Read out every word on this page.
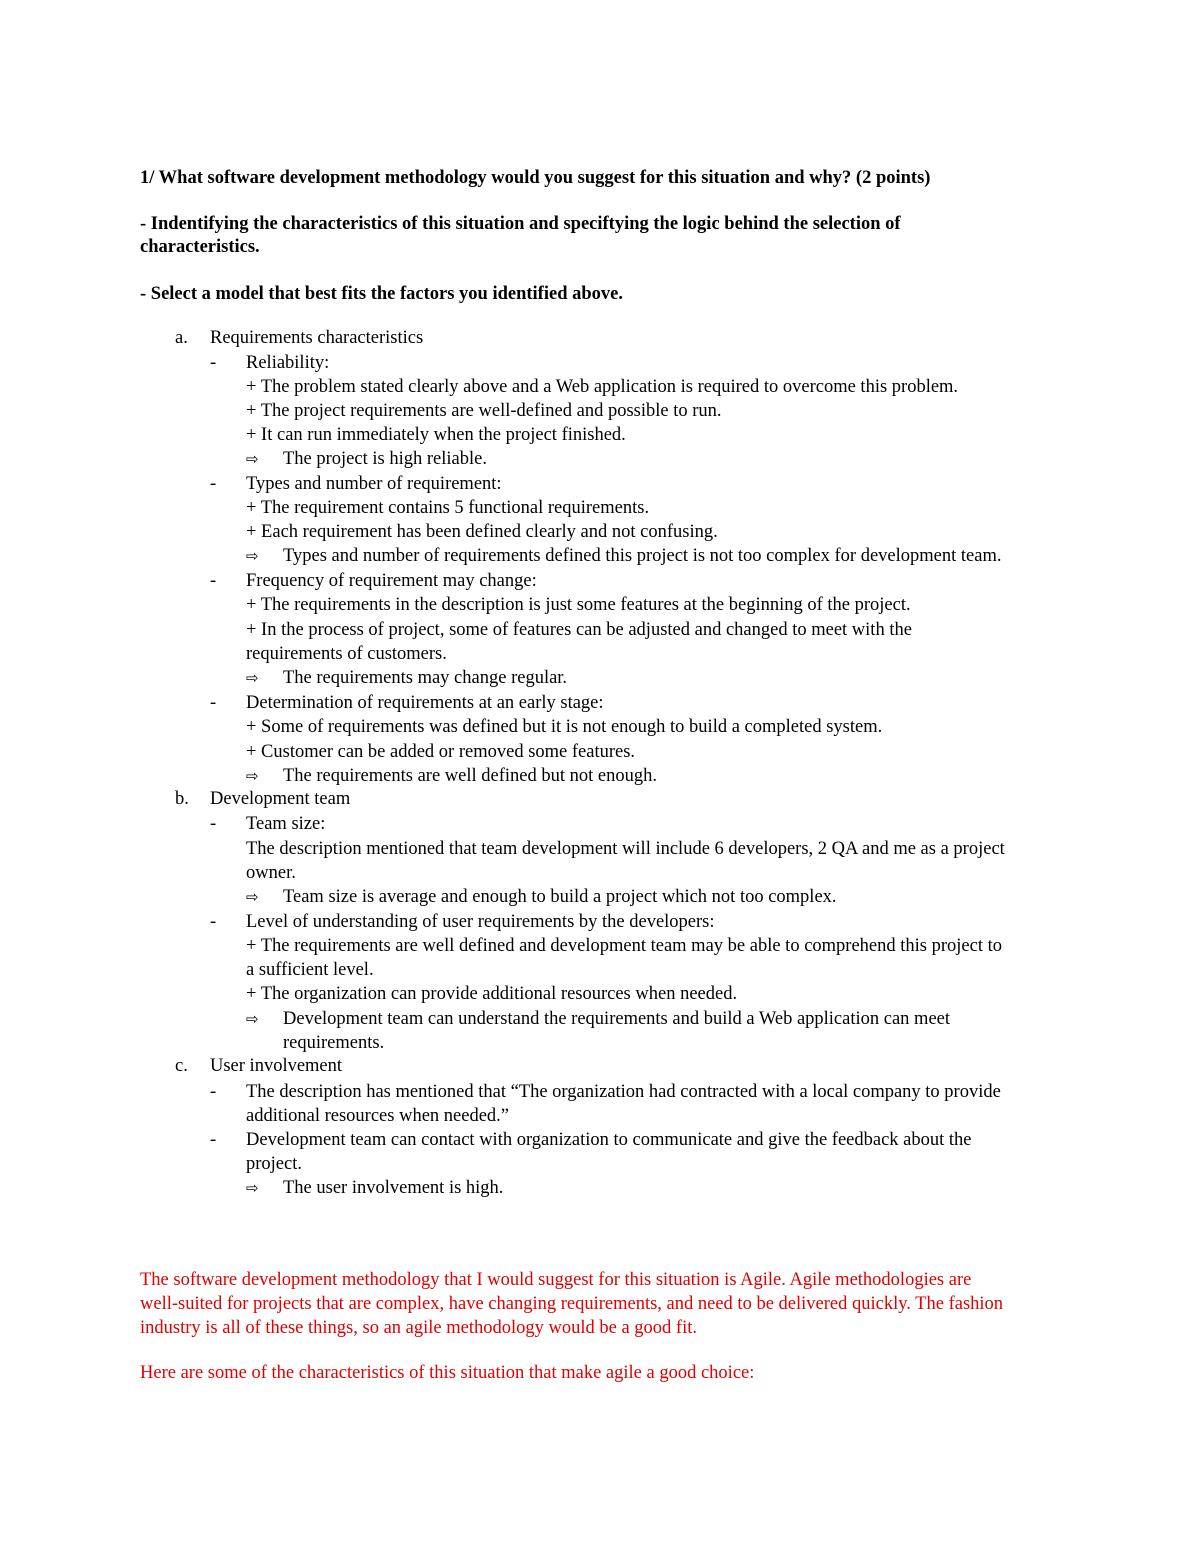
1/ What software development methodology would you suggest for this situation and why? (2 points)
- Indentifying the characteristics of this situation and speciftying the logic behind the selection of
characteristics.
- Select a model that best fits the factors you identified above.
a. Requirements characteristics
- Reliability:
+ The problem stated clearly above and a Web application is required to overcome this problem.
+ The project requirements are well-defined and possible to run.
+ It can run immediately when the project finished.
⇨ The project is high reliable.
- Types and number of requirement:
+ The requirement contains 5 functional requirements.
+ Each requirement has been defined clearly and not confusing.
⇨ Types and number of requirements defined this project is not too complex for development team.
- Frequency of requirement may change:
+ The requirements in the description is just some features at the beginning of the project.
+ In the process of project, some of features can be adjusted and changed to meet with the
requirements of customers.
⇨ The requirements may change regular.
- Determination of requirements at an early stage:
+ Some of requirements was defined but it is not enough to build a completed system.
+ Customer can be added or removed some features.
⇨ The requirements are well defined but not enough.
b. Development team
- Team size:
The description mentioned that team development will include 6 developers, 2 QA and me as a project
owner.
⇨ Team size is average and enough to build a project which not too complex.
- Level of understanding of user requirements by the developers:
+ The requirements are well defined and development team may be able to comprehend this project to
a sufficient level.
+ The organization can provide additional resources when needed.
⇨ Development team can understand the requirements and build a Web application can meet
requirements.
c. User involvement
- The description has mentioned that “The organization had contracted with a local company to provide
additional resources when needed.”
- Development team can contact with organization to communicate and give the feedback about the
project.
⇨ The user involvement is high.
The software development methodology that I would suggest for this situation is Agile. Agile methodologies are
well-suited for projects that are complex, have changing requirements, and need to be delivered quickly. The fashion
industry is all of these things, so an agile methodology would be a good fit.
Here are some of the characteristics of this situation that make agile a good choice:
